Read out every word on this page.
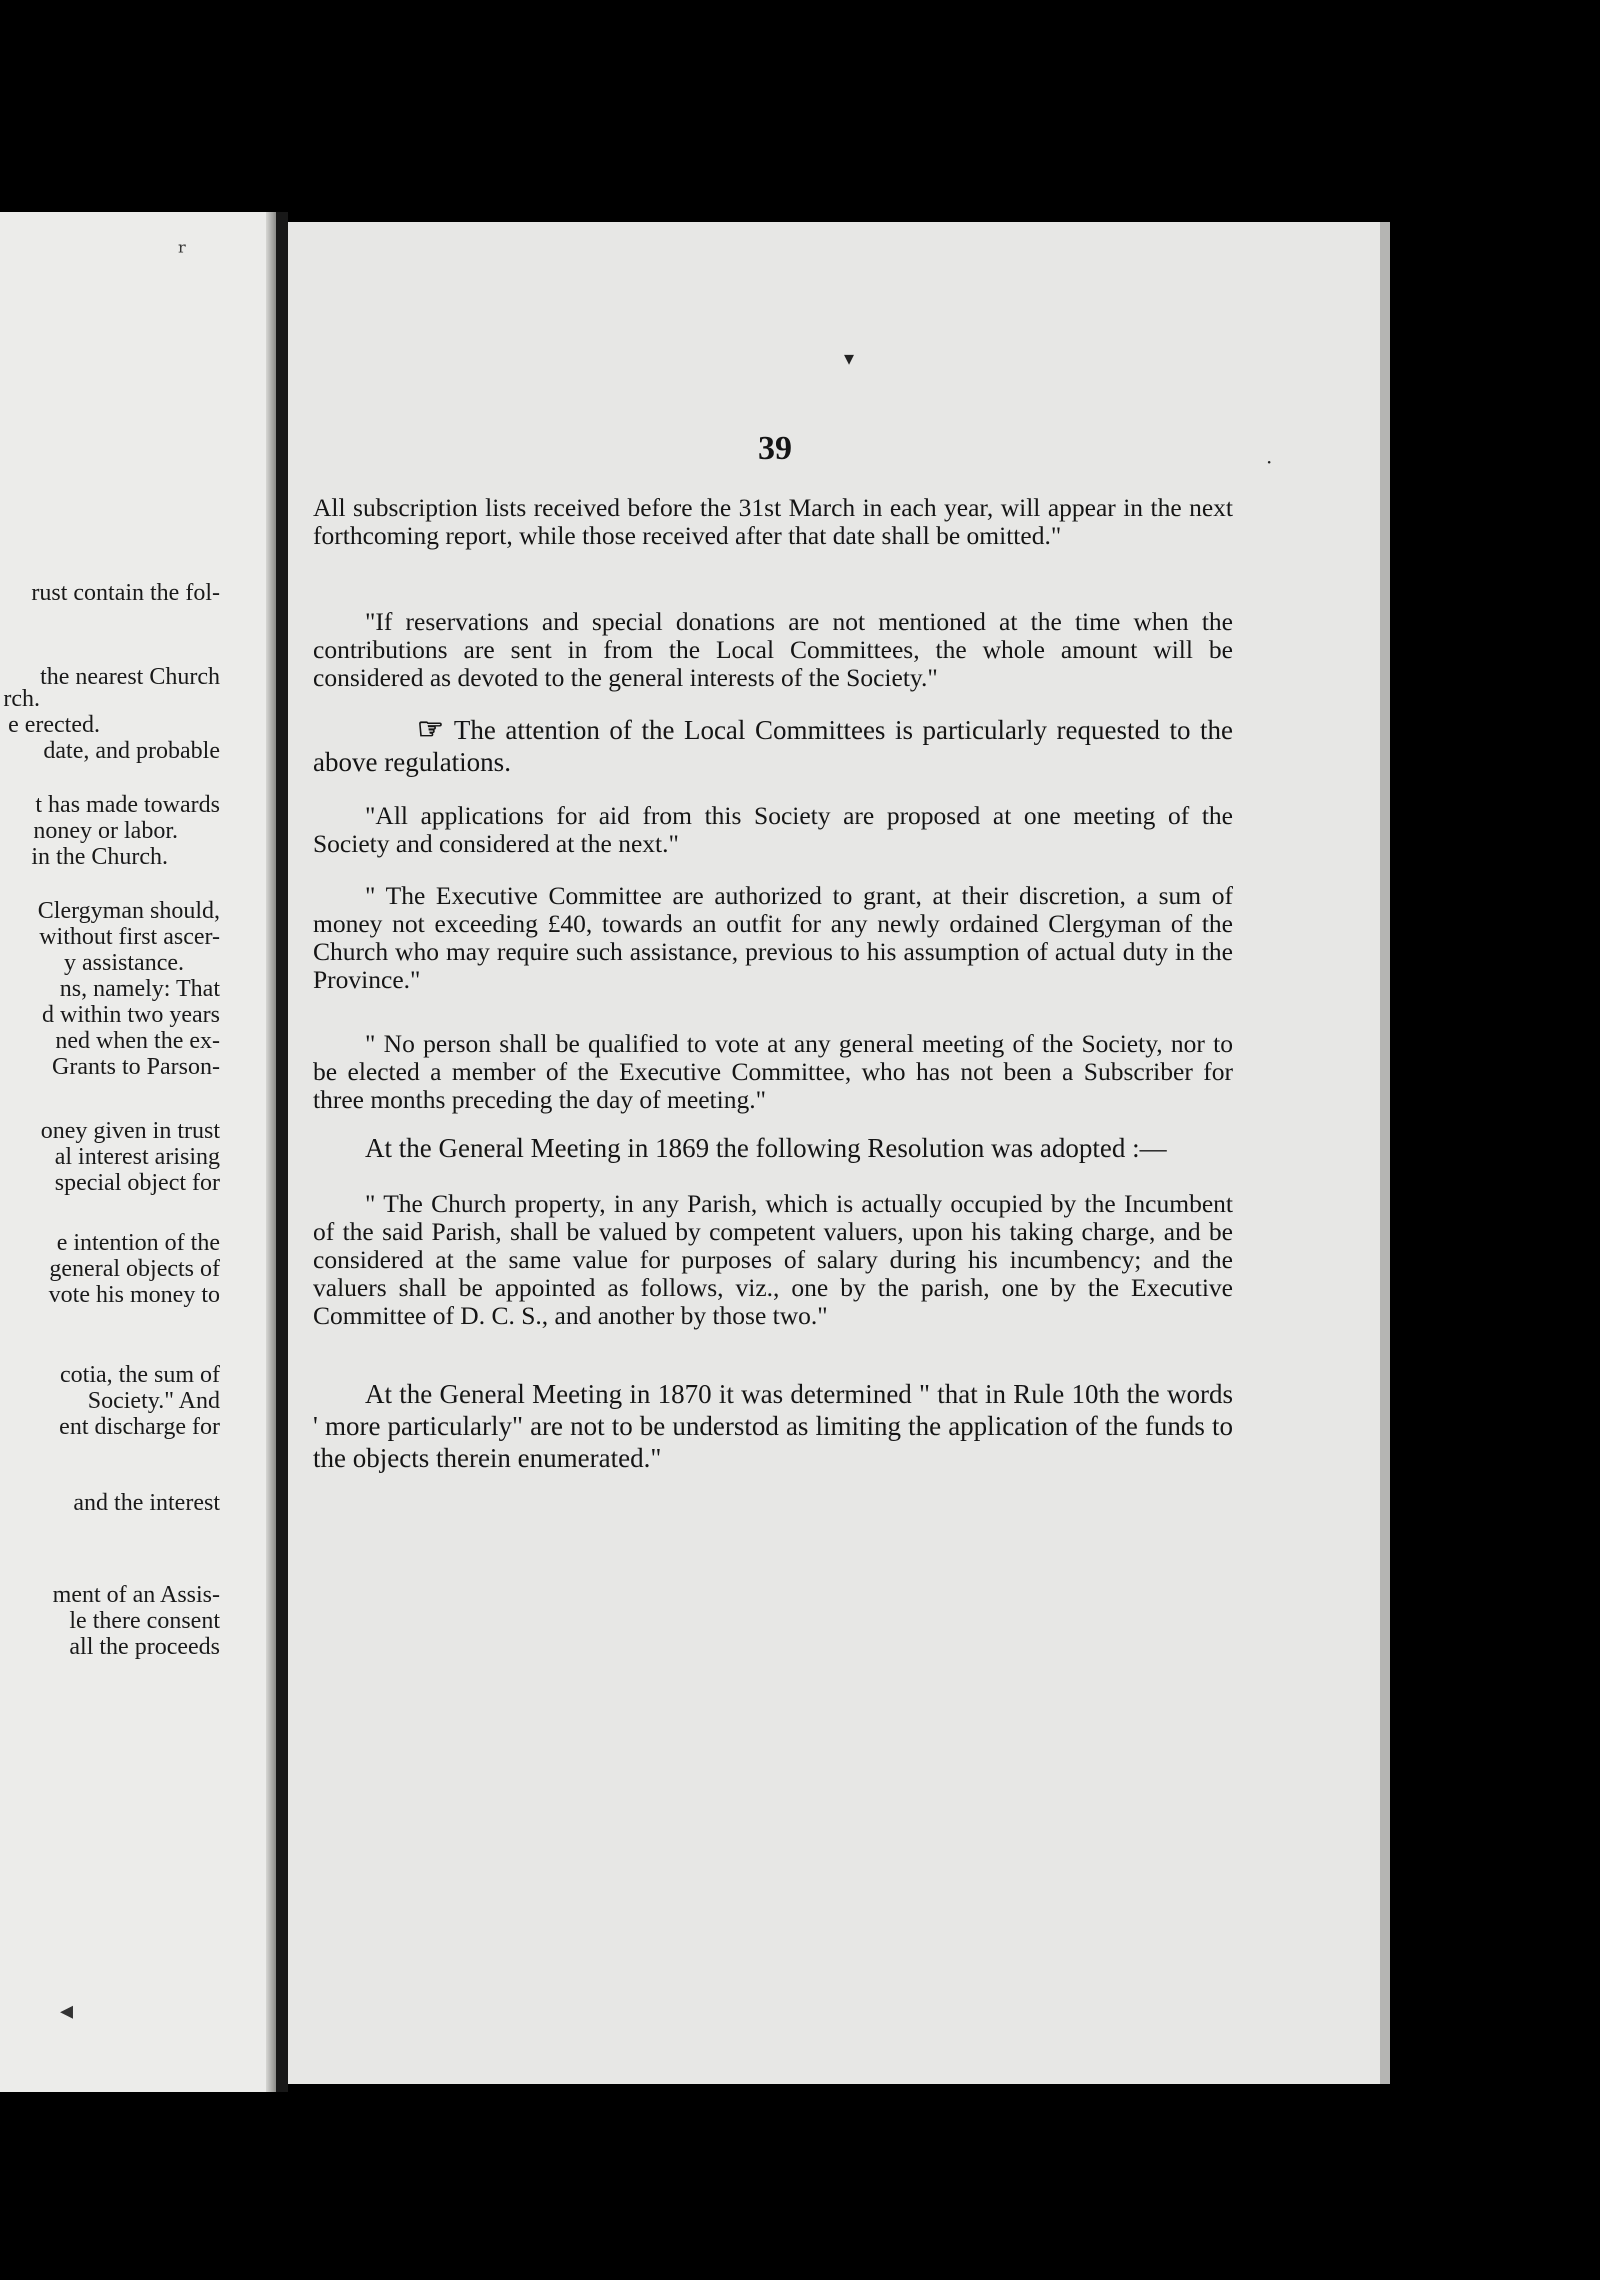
ʳ
rust contain the fol-
the nearest Church
rch.
e erected.
date, and probable
t has made towards
noney or labor.
in the Church.
Clergyman should,
without first ascer-
y assistance.
ns, namely: That
d within two years
ned when the ex-
Grants to Parson-
oney given in trust
al interest arising
special object for
e intention of the
general objects of
vote his money to
cotia, the sum of
Society." And
ent discharge for
and the interest
ment of an Assis-
le there consent
all the proceeds
◂
▾
·
39
All subscription lists received before the 31st March in each year, will appear in the next forthcoming report, while those received after that date shall be omitted."
"If reservations and special donations are not mentioned at the time when the contributions are sent in from the Local Committees, the whole amount will be considered as devoted to the general interests of the Society."
☞ The attention of the Local Committees is particularly requested to the above regulations.
"All applications for aid from this Society are proposed at one meeting of the Society and considered at the next."
" The Executive Committee are authorized to grant, at their discretion, a sum of money not exceeding £40, towards an outfit for any newly ordained Clergyman of the Church who may require such assistance, previous to his assumption of actual duty in the Province."
" No person shall be qualified to vote at any general meeting of the Society, nor to be elected a member of the Executive Committee, who has not been a Subscriber for three months preceding the day of meeting."
At the General Meeting in 1869 the following Resolution was adopted :—
" The Church property, in any Parish, which is actually occupied by the Incumbent of the said Parish, shall be valued by competent valuers, upon his taking charge, and be considered at the same value for purposes of salary during his incumbency; and the valuers shall be appointed as follows, viz., one by the parish, one by the Executive Committee of D. C. S., and another by those two."
At the General Meeting in 1870 it was determined " that in Rule 10th the words ' more particularly" are not to be understod as limiting the application of the funds to the objects therein enumerated."
